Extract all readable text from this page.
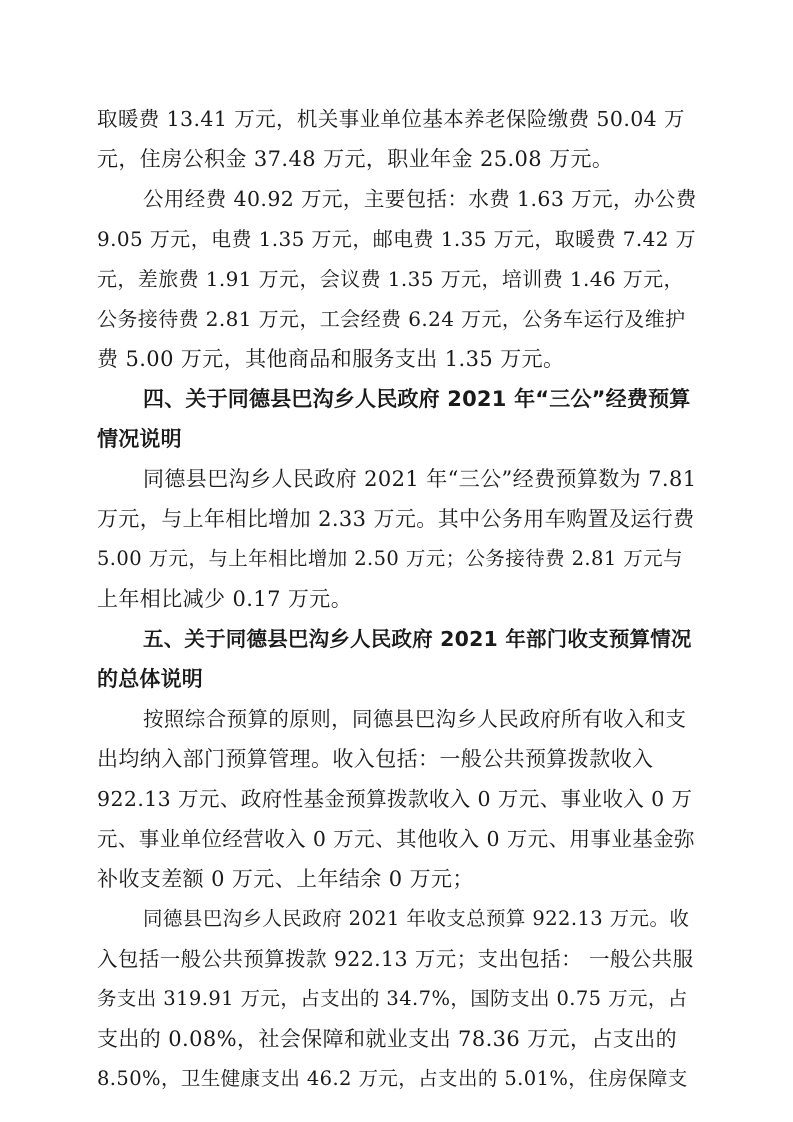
取暖费 13.41 万元，机关事业单位基本养老保险缴费 50.04 万
元，住房公积金 37.48 万元，职业年金 25.08 万元。
公用经费 40.92 万元，主要包括：水费 1.63 万元，办公费
9.05 万元，电费 1.35 万元，邮电费 1.35 万元，取暖费 7.42 万
元，差旅费 1.91 万元，会议费 1.35 万元，培训费 1.46 万元，
公务接待费 2.81 万元，工会经费 6.24 万元，公务车运行及维护
费 5.00 万元，其他商品和服务支出 1.35 万元。
四、关于同德县巴沟乡人民政府 2021 年“三公”经费预算
情况说明
同德县巴沟乡人民政府 2021 年“三公”经费预算数为 7.81
万元，与上年相比增加 2.33 万元。其中公务用车购置及运行费
5.00 万元，与上年相比增加 2.50 万元；公务接待费 2.81 万元与
上年相比减少 0.17 万元。
五、关于同德县巴沟乡人民政府 2021 年部门收支预算情况
的总体说明
按照综合预算的原则，同德县巴沟乡人民政府所有收入和支
出均纳入部门预算管理。收入包括：一般公共预算拨款收入
922.13 万元、政府性基金预算拨款收入 0 万元、事业收入 0 万
元、事业单位经营收入 0 万元、其他收入 0 万元、用事业基金弥
补收支差额 0 万元、上年结余 0 万元；
同德县巴沟乡人民政府 2021 年收支总预算 922.13 万元。收
入包括一般公共预算拨款 922.13 万元；支出包括： 一般公共服
务支出 319.91 万元，占支出的 34.7%，国防支出 0.75 万元，占
支出的 0.08%，社会保障和就业支出 78.36 万元，占支出的
8.50%，卫生健康支出 46.2 万元，占支出的 5.01%，住房保障支
